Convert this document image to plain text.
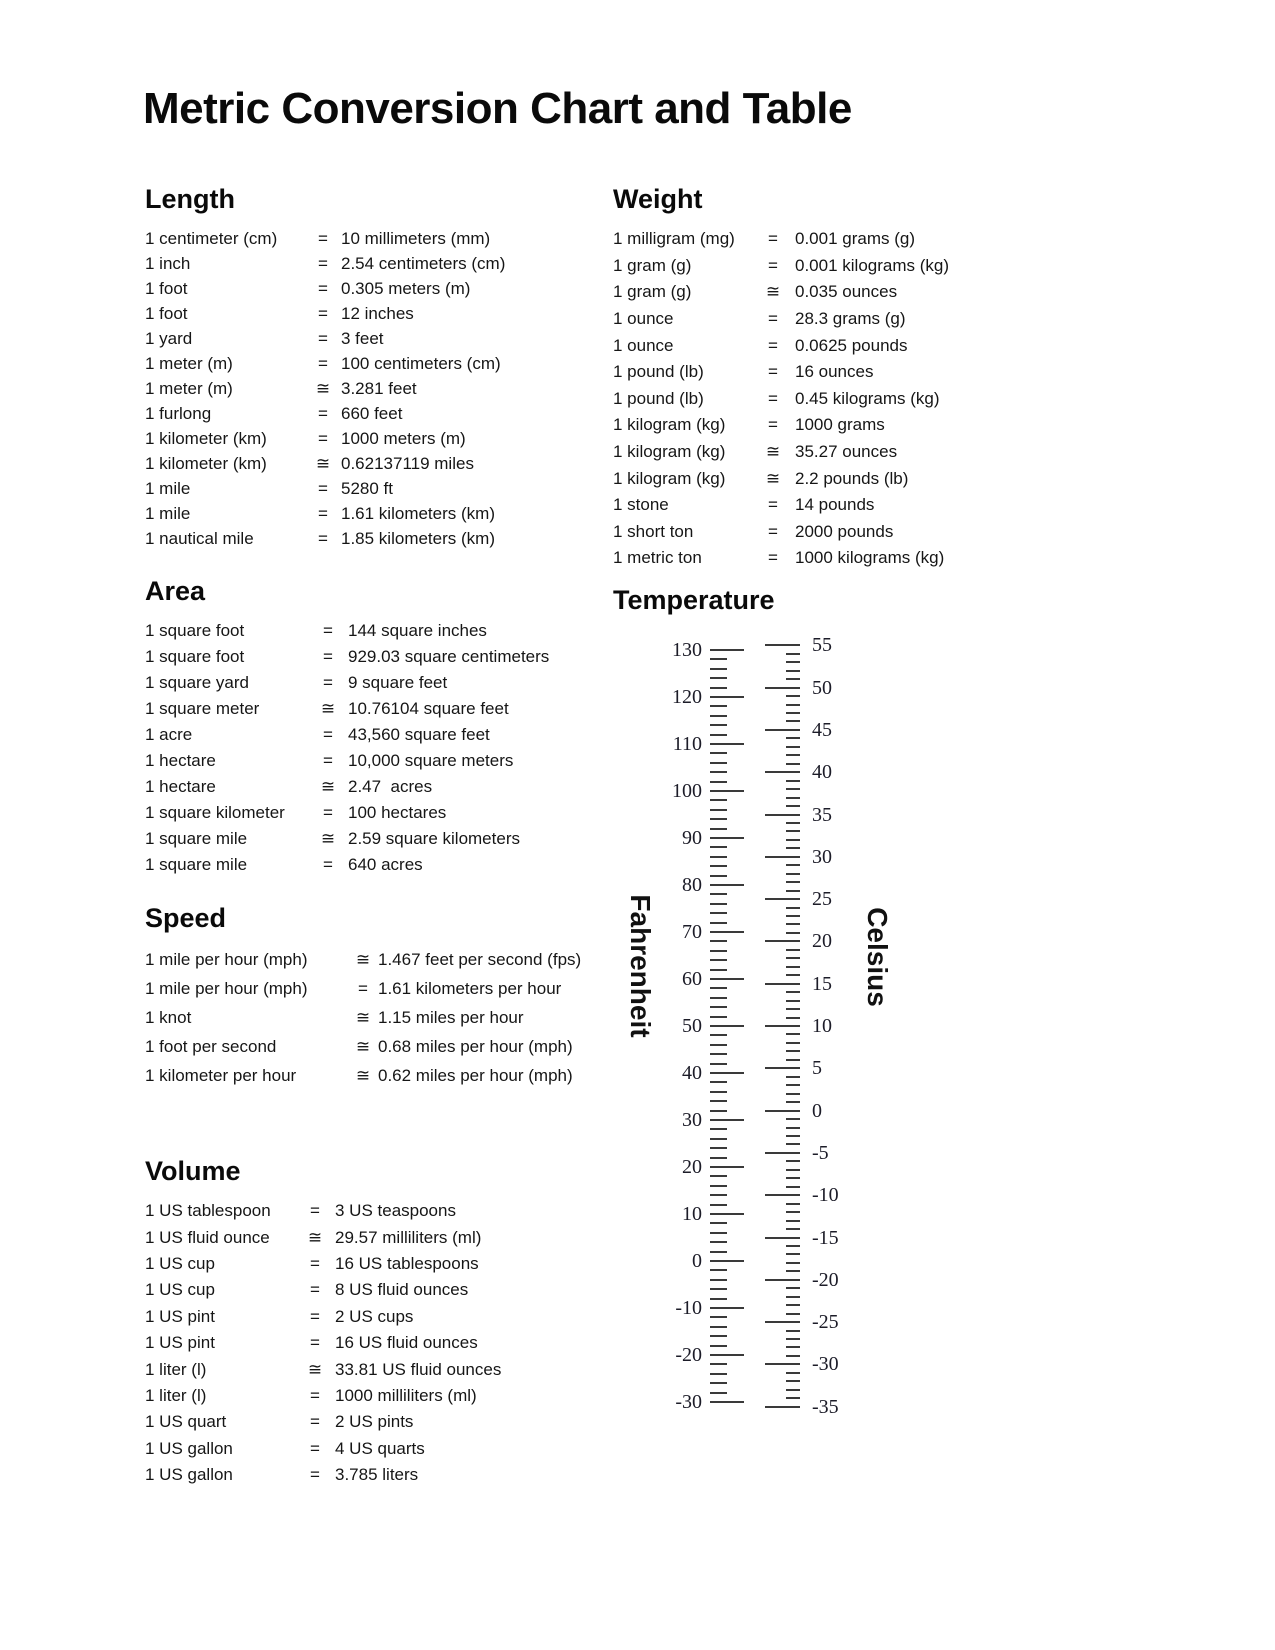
Metric Conversion Chart and Table
Length
1 centimeter (cm)	= 10 millimeters (mm)
1 inch	= 2.54 centimeters (cm)
1 foot	= 0.305 meters (m)
1 foot	= 12 inches
1 yard	= 3 feet
1 meter (m)	= 100 centimeters (cm)
1 meter (m)	≅ 3.281 feet
1 furlong	= 660 feet
1 kilometer (km)	= 1000 meters (m)
1 kilometer (km)	≅ 0.62137119 miles
1 mile	= 5280 ft
1 mile	= 1.61 kilometers (km)
1 nautical mile	= 1.85 kilometers (km)
Weight
1 milligram (mg)	=	0.001 grams (g)
1 gram (g)	=	0.001 kilograms (kg)
1 gram (g)	≅ 0.035 ounces
1 ounce	=	28.3 grams (g)
1 ounce	=	0.0625 pounds
1 pound (lb)	=	16 ounces
1 pound (lb)	=	0.45 kilograms (kg)
1 kilogram (kg)	=	1000 grams
1 kilogram (kg)	≅ 35.27 ounces
1 kilogram (kg)	≅ 2.2 pounds (lb)
1 stone	=	14 pounds
1 short ton	=	2000 pounds
1 metric ton	=	1000 kilograms (kg)
Area
1 square foot	= 144 square inches
1 square foot	= 929.03 square centimeters
1 square yard	= 9 square feet
1 square meter	≅ 10.76104 square feet
1 acre	= 43,560 square feet
1 hectare	= 10,000 square meters
1 hectare	≅ 2.47  acres
1 square kilometer	= 100 hectares
1 square mile	≅ 2.59 square kilometers
1 square mile	= 640 acres
Speed
1 mile per hour (mph)	≅ 1.467 feet per second (fps)
1 mile per hour (mph)	= 1.61 kilometers per hour
1 knot	≅ 1.15 miles per hour
1 foot per second	≅ 0.68 miles per hour (mph)
1 kilometer per hour	≅ 0.62 miles per hour (mph)
Volume
1 US tablespoon	= 3 US teaspoons
1 US fluid ounce	≅ 29.57 milliliters (ml)
1 US cup	= 16 US tablespoons
1 US cup	= 8 US fluid ounces
1 US pint	= 2 US cups
1 US pint	= 16 US fluid ounces
1 liter (l)	≅ 33.81 US fluid ounces
1 liter (l)	= 1000 milliliters (ml)
1 US quart	= 2 US pints
1 US gallon	= 4 US quarts
1 US gallon	= 3.785 liters
Temperature
Fahrenheit	Celsius
130
120
110
100
90
80
70
60
50
40
30
20
10
0
-10
-20
-30
55
50
45
40
35
30
25
20
15
10
5
0
-5
-10
-15
-20
-25
-30
-35
